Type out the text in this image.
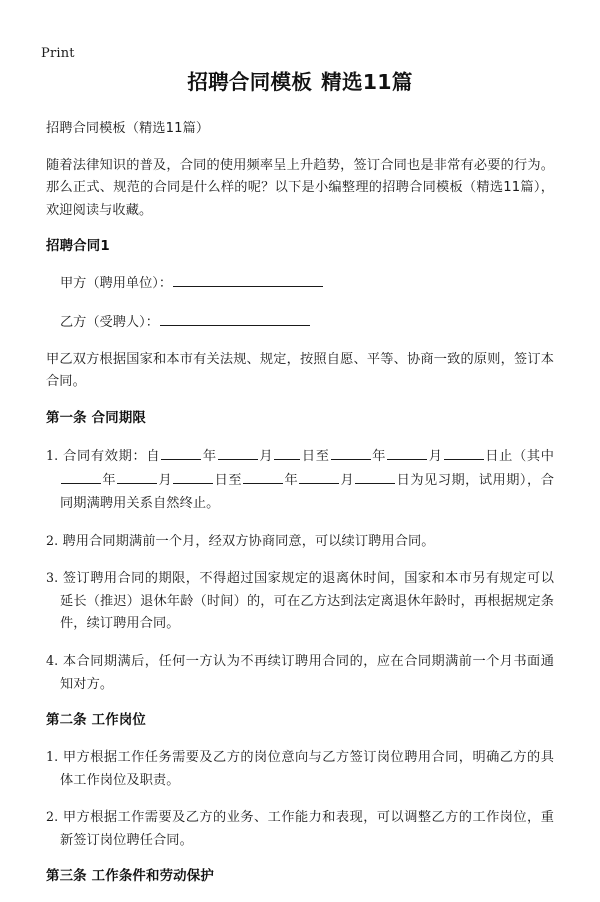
Print
招聘合同模板 精选11篇

招聘合同模板（精选11篇）

随着法律知识的普及，合同的使用频率呈上升趋势，签订合同也是非常有必要的行为。那么正式、规范的合同是什么样的呢？以下是小编整理的招聘合同模板（精选11篇），欢迎阅读与收藏。

招聘合同1
甲方（聘用单位）：
乙方（受聘人）：

甲乙双方根据国家和本市有关法规、规定，按照自愿、平等、协商一致的原则，签订本合同。

第一条 合同期限

1. 合同有效期：自	年	月 日至	年	月	日止（其中年	月	日至	年	月	日为见习期，试用期），合同期满聘用关系自然终止。

2. 聘用合同期满前一个月，经双方协商同意，可以续订聘用合同。

3. 签订聘用合同的期限，不得超过国家规定的退离休时间，国家和本市另有规定可以延长（推迟）退休年龄（时间）的，可在乙方达到法定离退休年龄时，再根据规定条件，续订聘用合同。

4. 本合同期满后，任何一方认为不再续订聘用合同的，应在合同期满前一个月书面通知对方。

第二条 工作岗位

1. 甲方根据工作任务需要及乙方的岗位意向与乙方签订岗位聘用合同，明确乙方的具体工作岗位及职责。

2. 甲方根据工作需要及乙方的业务、工作能力和表现，可以调整乙方的工作岗位，重新签订岗位聘任合同。

第三条 工作条件和劳动保护
